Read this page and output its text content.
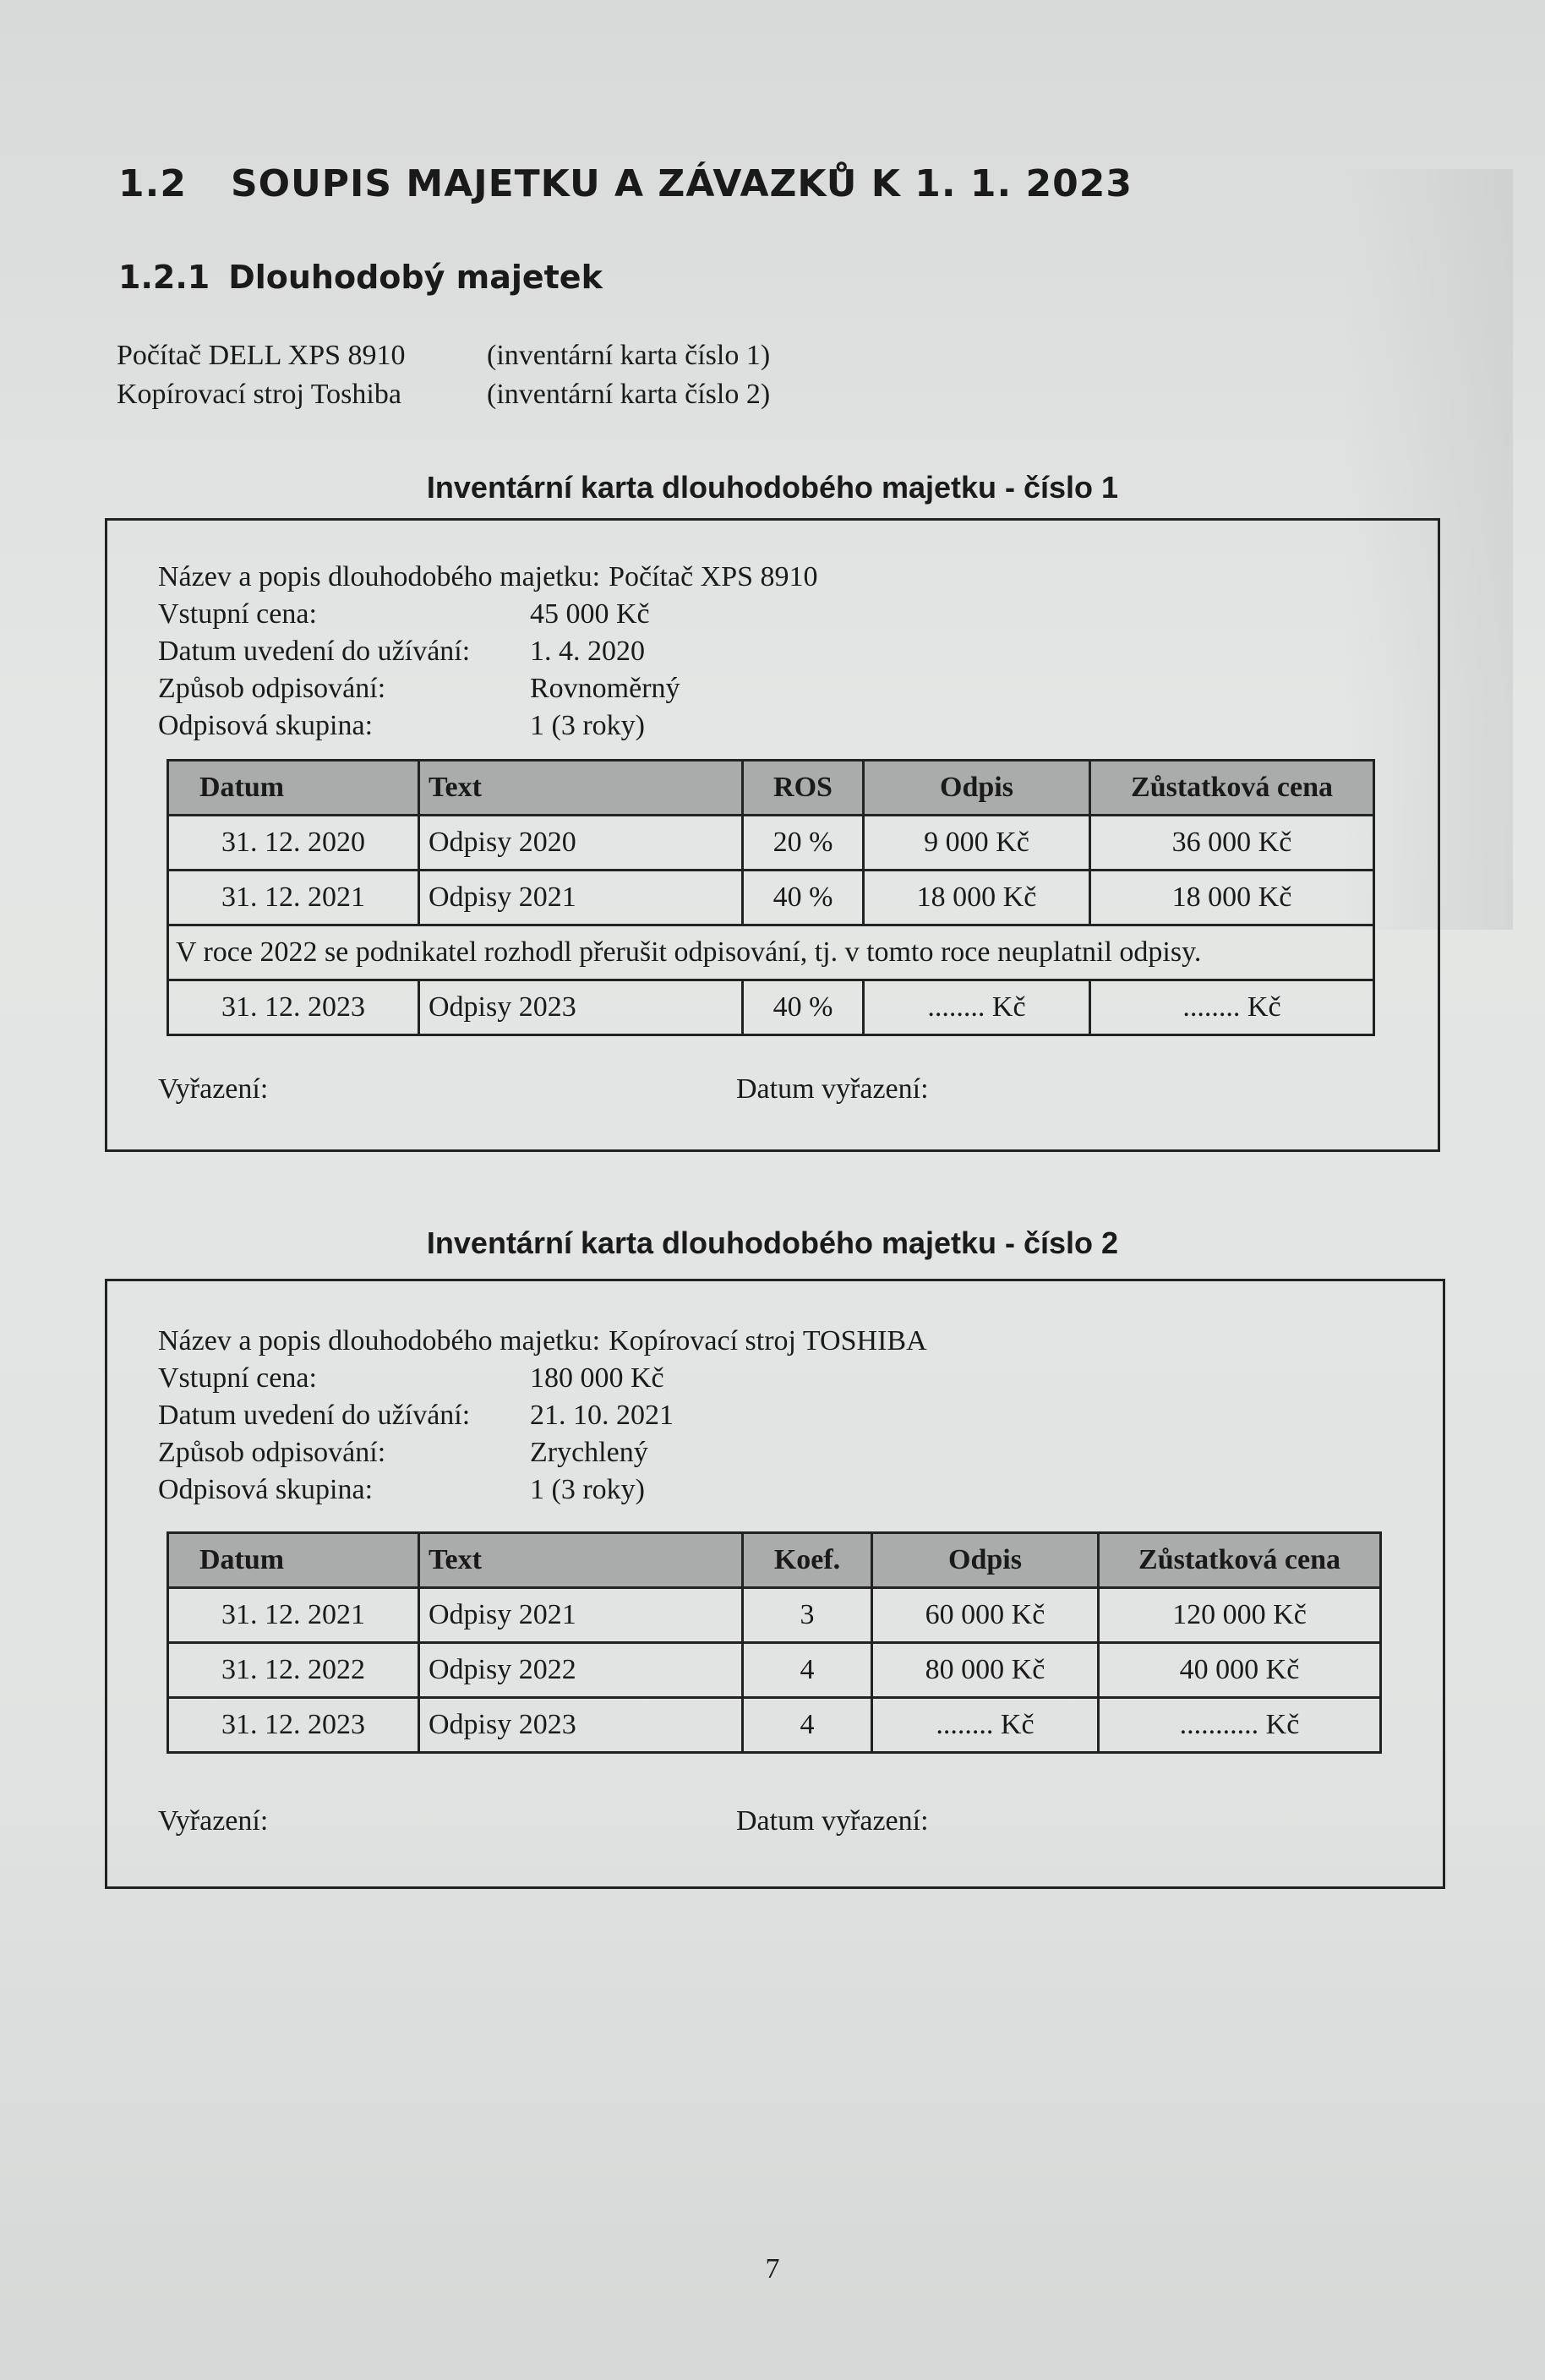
1.2 SOUPIS MAJETKU A ZÁVAZKŮ K 1. 1. 2023
1.2.1 Dlouhodobý majetek
Počítač DELL XPS 8910	(inventární karta číslo 1)
Kopírovací stroj Toshiba	(inventární karta číslo 2)
Inventární karta dlouhodobého majetku - číslo 1
Název a popis dlouhodobého majetku: Počítač XPS 8910
Vstupní cena:	45 000 Kč
Datum uvedení do užívání: 1. 4. 2020
Způsob odpisování:	Rovnoměrný
Odpisová skupina:	1 (3 roky)
Datum	Text	ROS	Odpis	Zůstatková cena
31. 12. 2020	Odpisy 2020	20 %	9 000 Kč	36 000 Kč
31. 12. 2021	Odpisy 2021	40 %	18 000 Kč	18 000 Kč
V roce 2022 se podnikatel rozhodl přerušit odpisování, tj. v tomto roce neuplatnil odpisy.				
31. 12. 2023	Odpisy 2023	40 %	........ Kč	........ Kč
Vyřazení:	Datum vyřazení:
Inventární karta dlouhodobého majetku - číslo 2
Název a popis dlouhodobého majetku: Kopírovací stroj TOSHIBA
Vstupní cena:	180 000 Kč
Datum uvedení do užívání: 21. 10. 2021
Způsob odpisování:	Zrychlený
Odpisová skupina:	1 (3 roky)
Datum	Text	Koef.	Odpis	Zůstatková cena
31. 12. 2021	Odpisy 2021	3	60 000 Kč	120 000 Kč
31. 12. 2022	Odpisy 2022	4	80 000 Kč	40 000 Kč
31. 12. 2023	Odpisy 2023	4	........ Kč	........... Kč
Vyřazení:	Datum vyřazení:
7
